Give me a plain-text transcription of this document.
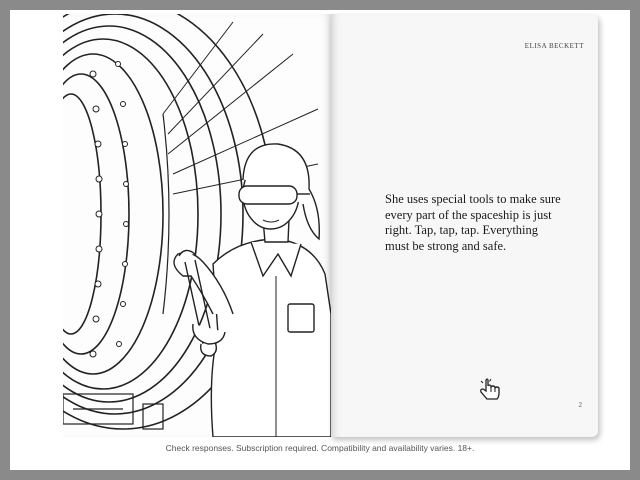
ELISA BECKETT
She uses special tools to make sure every part of the spaceship is just right. Tap, tap, tap. Everything must be strong and safe.
2
Check responses. Subscription required. Compatibility and availability varies. 18+.
